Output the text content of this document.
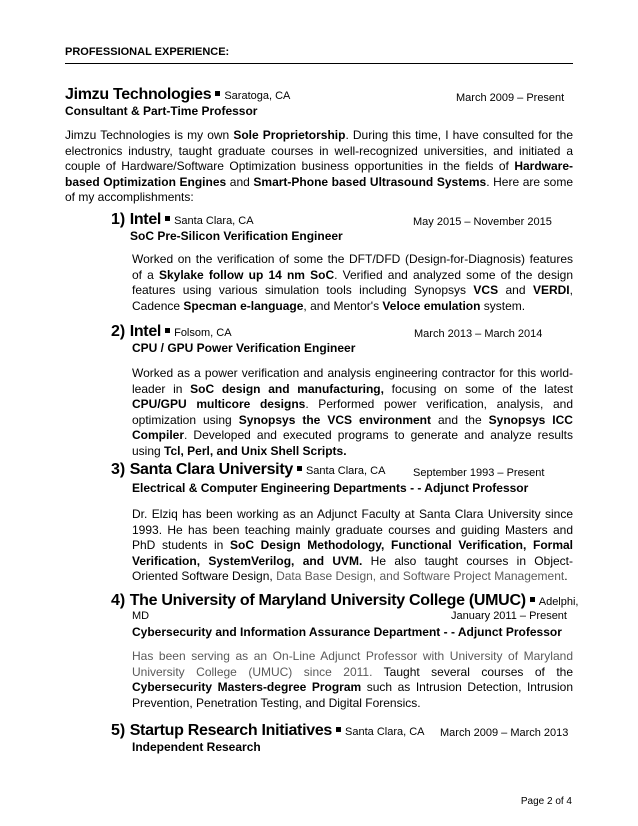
PROFESSIONAL EXPERIENCE:
Jimzu Technologies Saratoga, CA	March 2009 – Present
Consultant & Part-Time Professor
Jimzu Technologies is my own Sole Proprietorship. During this time, I have consulted for the electronics industry, taught graduate courses in well-recognized universities, and initiated a couple of Hardware/Software Optimization business opportunities in the fields of Hardware-based Optimization Engines and Smart-Phone based Ultrasound Systems. Here are some of my accomplishments:
1) Intel Santa Clara, CA	May 2015 – November 2015
SoC Pre-Silicon Verification Engineer
Worked on the verification of some the DFT/DFD (Design-for-Diagnosis) features of a Skylake follow up 14 nm SoC. Verified and analyzed some of the design features using various simulation tools including Synopsys VCS and VERDI, Cadence Specman e-language, and Mentor's Veloce emulation system.
2) Intel Folsom, CA	March 2013 – March 2014
CPU / GPU Power Verification Engineer
Worked as a power verification and analysis engineering contractor for this world-leader in SoC design and manufacturing, focusing on some of the latest CPU/GPU multicore designs. Performed power verification, analysis, and optimization using Synopsys the VCS environment and the Synopsys ICC Compiler. Developed and executed programs to generate and analyze results using Tcl, Perl, and Unix Shell Scripts.
3) Santa Clara University Santa Clara, CA	September 1993 – Present
Electrical & Computer Engineering Departments - - Adjunct Professor
Dr. Elziq has been working as an Adjunct Faculty at Santa Clara University since 1993. He has been teaching mainly graduate courses and guiding Masters and PhD students in SoC Design Methodology, Functional Verification, Formal Verification, SystemVerilog, and UVM. He also taught courses in Object-Oriented Software Design, Data Base Design, and Software Project Management.
4) The University of Maryland University College (UMUC) Adelphi,
MD	January 2011 – Present
Cybersecurity and Information Assurance Department - - Adjunct Professor
Has been serving as an On-Line Adjunct Professor with University of Maryland University College (UMUC) since 2011. Taught several courses of the Cybersecurity Masters-degree Program such as Intrusion Detection, Intrusion Prevention, Penetration Testing, and Digital Forensics.
5) Startup Research Initiatives Santa Clara, CA March 2009 – March 2013
Independent Research
Page 2 of 4
